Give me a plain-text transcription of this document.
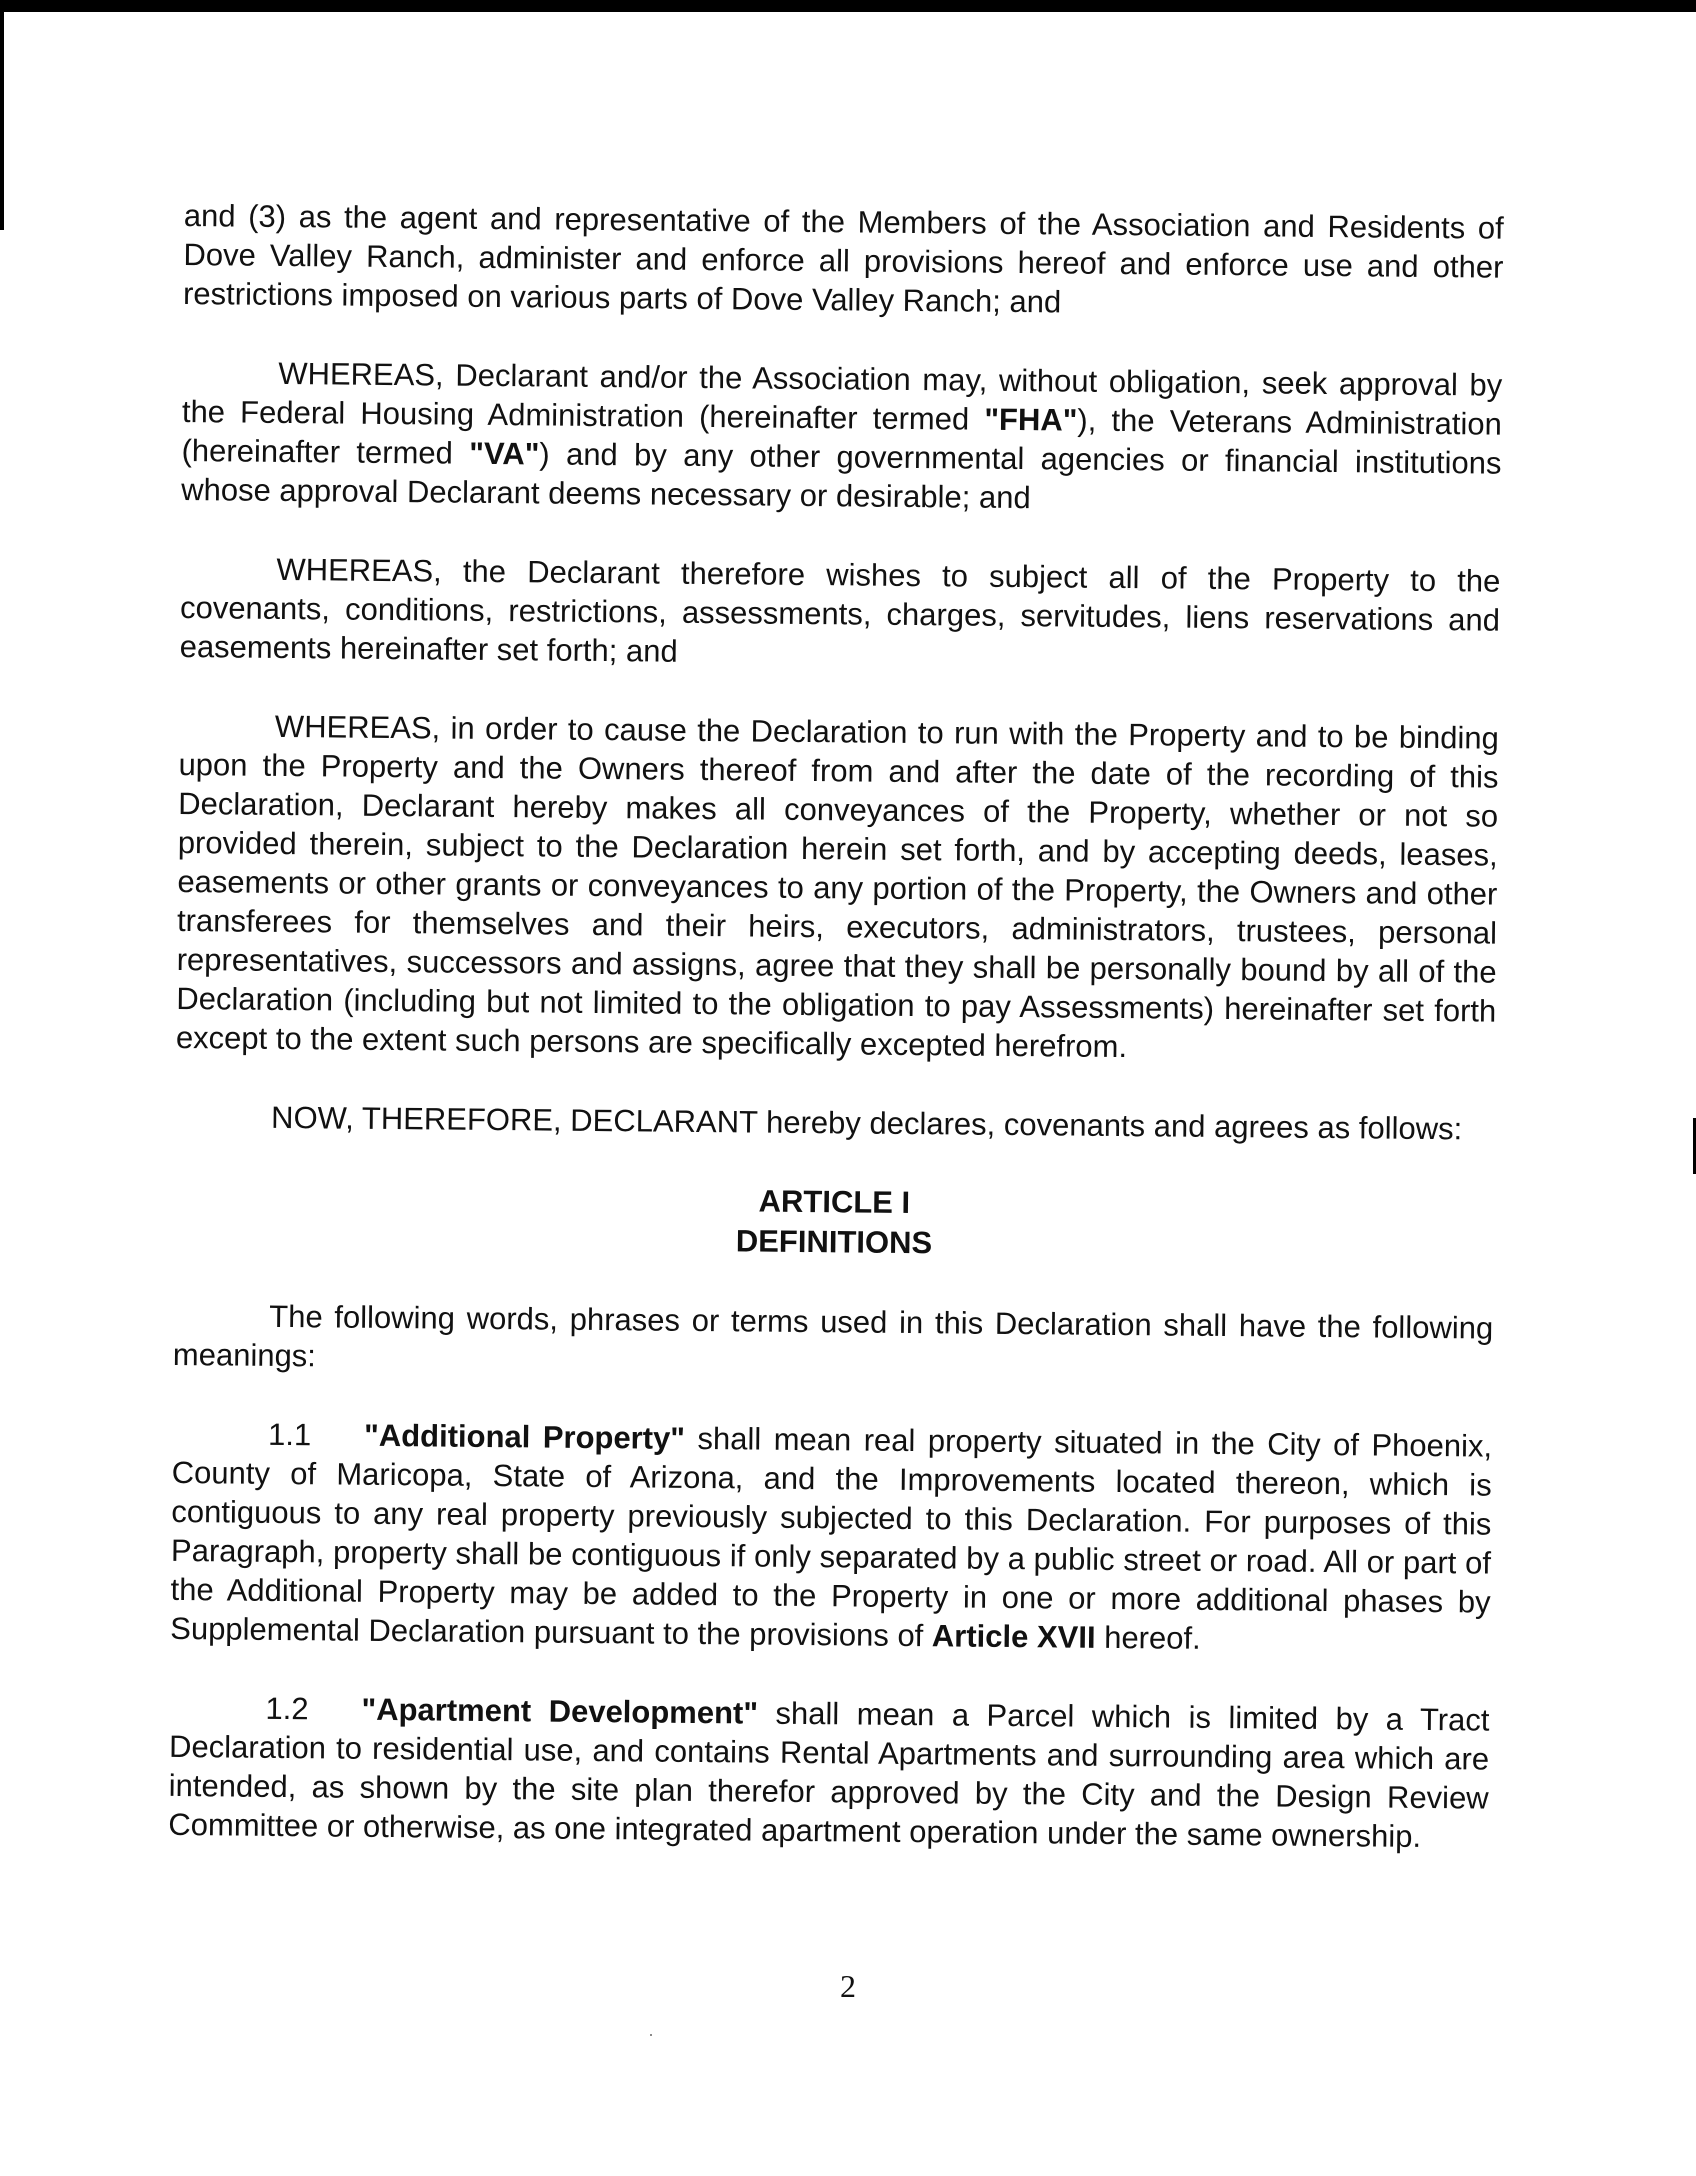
and (3) as the agent and representative of the Members of the Association and Residents of Dove Valley Ranch, administer and enforce all provisions hereof and enforce use and other restrictions imposed on various parts of Dove Valley Ranch; and

WHEREAS, Declarant and/or the Association may, without obligation, seek approval by the Federal Housing Administration (hereinafter termed "FHA"), the Veterans Administration (hereinafter termed "VA") and by any other governmental agencies or financial institutions whose approval Declarant deems necessary or desirable; and

WHEREAS, the Declarant therefore wishes to subject all of the Property to the covenants, conditions, restrictions, assessments, charges, servitudes, liens reservations and easements hereinafter set forth; and

WHEREAS, in order to cause the Declaration to run with the Property and to be binding upon the Property and the Owners thereof from and after the date of the recording of this Declaration, Declarant hereby makes all conveyances of the Property, whether or not so provided therein, subject to the Declaration herein set forth, and by accepting deeds, leases, easements or other grants or conveyances to any portion of the Property, the Owners and other transferees for themselves and their heirs, executors, administrators, trustees, personal representatives, successors and assigns, agree that they shall be personally bound by all of the Declaration (including but not limited to the obligation to pay Assessments) hereinafter set forth except to the extent such persons are specifically excepted herefrom.

NOW, THEREFORE, DECLARANT hereby declares, covenants and agrees as follows:

ARTICLE I
DEFINITIONS

The following words, phrases or terms used in this Declaration shall have the following meanings:

1.1 "Additional Property" shall mean real property situated in the City of Phoenix, County of Maricopa, State of Arizona, and the Improvements located thereon, which is contiguous to any real property previously subjected to this Declaration. For purposes of this Paragraph, property shall be contiguous if only separated by a public street or road. All or part of the Additional Property may be added to the Property in one or more additional phases by Supplemental Declaration pursuant to the provisions of Article XVII hereof.

1.2 "Apartment Development" shall mean a Parcel which is limited by a Tract Declaration to residential use, and contains Rental Apartments and surrounding area which are intended, as shown by the site plan therefor approved by the City and the Design Review Committee or otherwise, as one integrated apartment operation under the same ownership.

2
